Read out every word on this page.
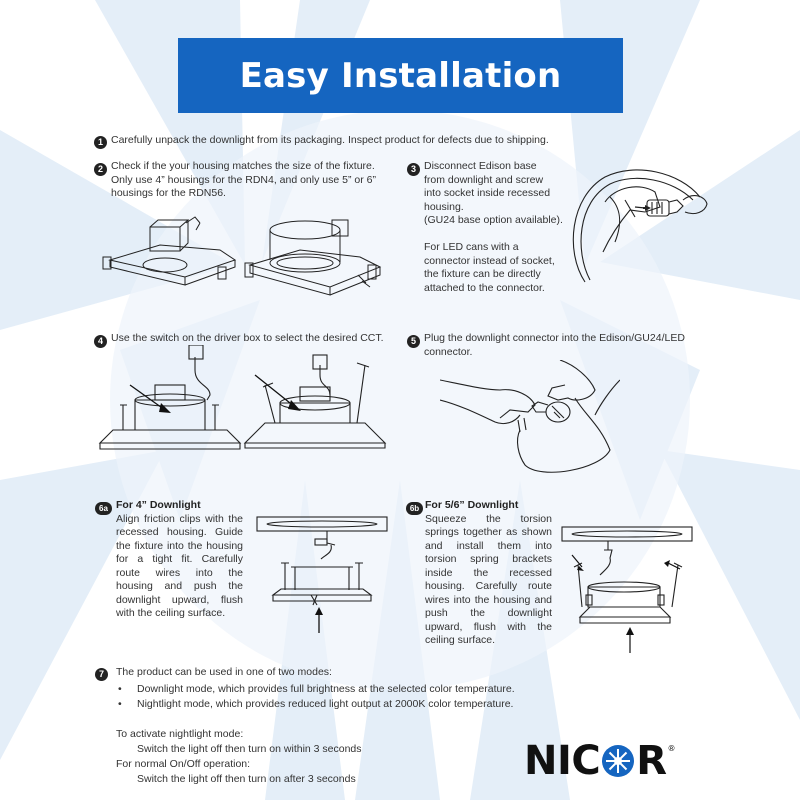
Easy Installation
1 Carefully unpack the downlight from its packaging. Inspect product for defects due to shipping.
2 Check if the your housing matches the size of the fixture.
Only use 4” housings for the RDN4, and only use 5” or 6”
housings for the RDN56.
3 Disconnect Edison base
from downlight and screw
into socket inside recessed
housing.
(GU24 base option available).
For LED cans with a
connector instead of socket,
the fixture can be directly
attached to the connector.
4 Use the switch on the driver box to select the desired CCT.	5 Plug the downlight connector into the Edison/GU24/LED
connector.
6a For 4” Downlight
Align friction clips with the recessed housing. Guide the fixture into the housing for a tight fit. Carefully route wires into the housing and push the downlight upward, flush with the ceiling surface.
6b For 5/6” Downlight
Squeeze the torsion springs together as shown and install them into torsion spring brackets inside the recessed housing. Carefully route wires into the housing and push the downlight upward, flush with the ceiling surface.
7	The product can be used in one of two modes:
• Downlight mode, which provides full brightness at the selected color temperature.
• Nightlight mode, which provides reduced light output at 2000K color temperature.
To activate nightlight mode:
Switch the light off then turn on within 3 seconds
For normal On/Off operation:
Switch the light off then turn on after 3 seconds	NIC R ®
